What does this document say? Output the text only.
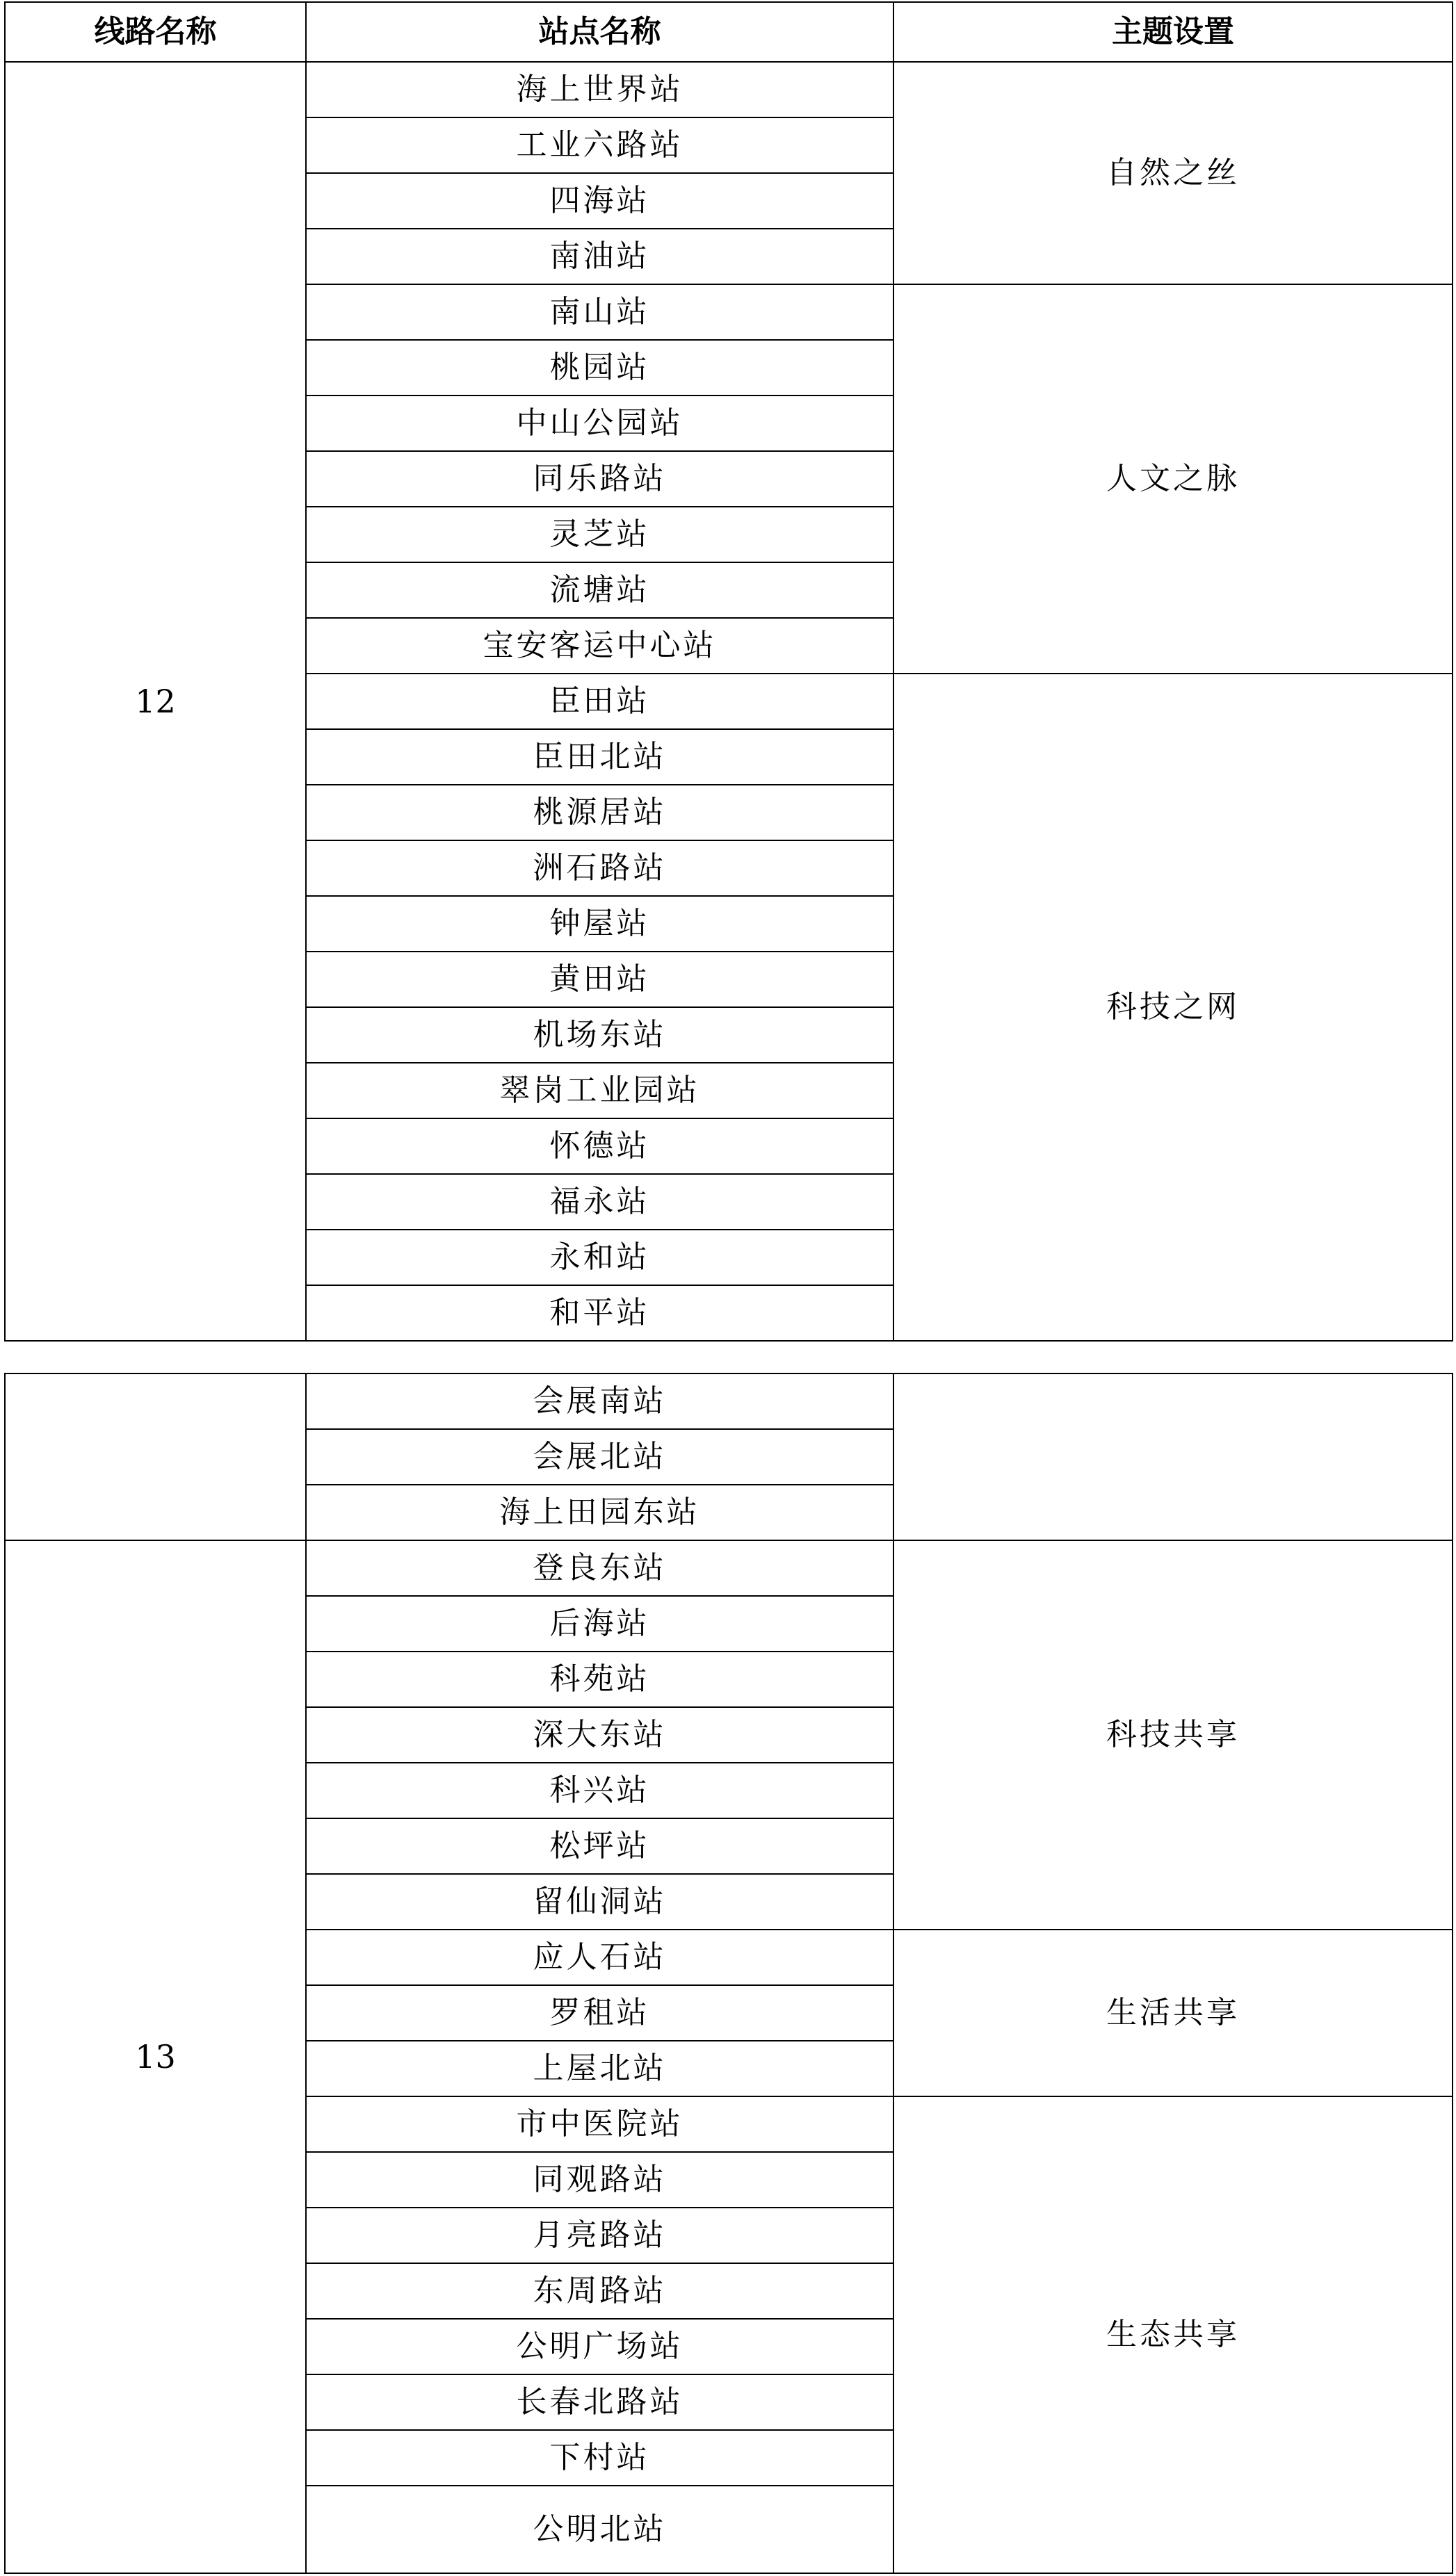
线路名称	站点名称	主题设置
12	海上世界站	自然之丝
	工业六路站	
	四海站	
	南油站	
	南山站	人文之脉
	桃园站	
	中山公园站	
	同乐路站	
	灵芝站	
	流塘站	
	宝安客运中心站	
	臣田站	科技之网
	臣田北站	
	桃源居站	
	洲石路站	
	钟屋站	
	黄田站	
	机场东站	
	翠岗工业园站	
	怀德站	
	福永站	
	永和站	
	和平站	
	会展南站	
	会展北站	
	海上田园东站	
13	登良东站	科技共享
	后海站	
	科苑站	
	深大东站	
	科兴站	
	松坪站	
	留仙洞站	
	应人石站	生活共享
	罗租站	
	上屋北站	
	市中医院站	生态共享
	同观路站	
	月亮路站	
	东周路站	
	公明广场站	
	长春北路站	
	下村站	
	公明北站	
